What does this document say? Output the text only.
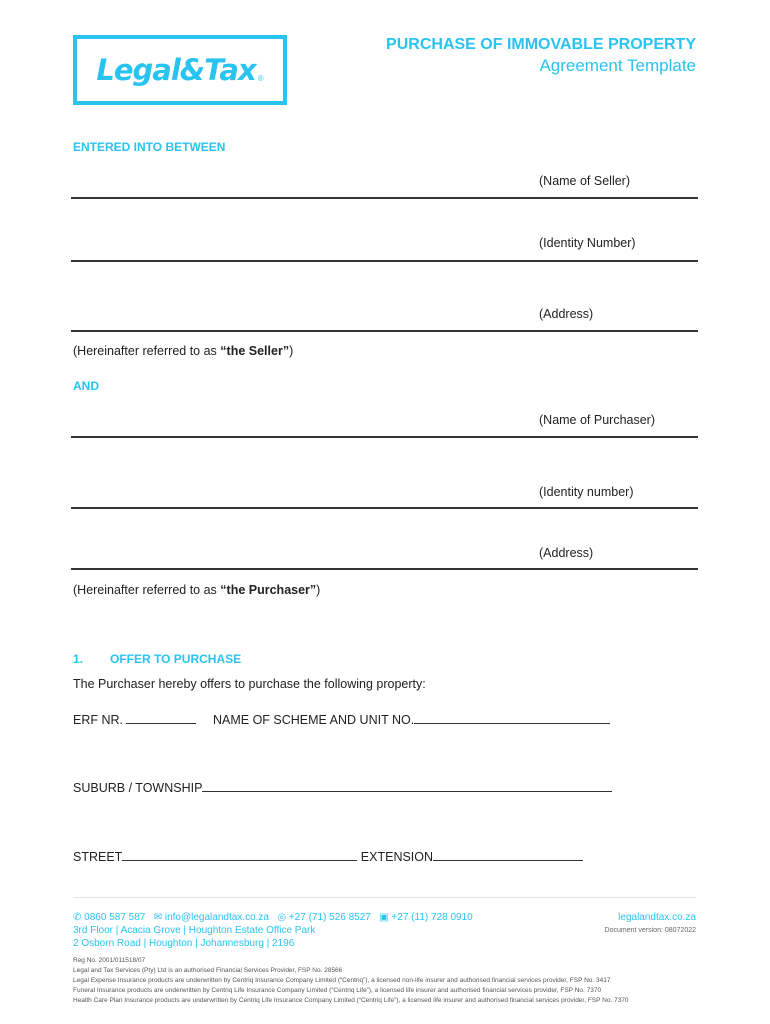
Legal&Tax ®
PURCHASE OF IMMOVABLE PROPERTY
Agreement Template
ENTERED INTO BETWEEN
(Name of Seller)
(Identity Number)
(Address)
(Hereinafter referred to as “the Seller”)
AND
(Name of Purchaser)
(Identity number)
(Address)
(Hereinafter referred to as “the Purchaser”)
1. OFFER TO PURCHASE
The Purchaser hereby offers to purchase the following property:
ERF NR.	NAME OF SCHEME AND UNIT NO.
SUBURB / TOWNSHIP
STREET	EXTENSION
✆ 0860 587 587 ✉ info@legalandtax.co.za ◎ +27 (71) 526 8527 ▣ +27 (11) 728 0910
3rd Floor | Acacia Grove | Houghton Estate Office Park
2 Osborn Road | Houghton | Johannesburg | 2196
legalandtax.co.za
Document version: 08072022
Reg No. 2001/011518/07
Legal and Tax Services (Pty) Ltd is an authorised Financial Services Provider, FSP No. 28566
Legal Expense Insurance products are underwritten by Centriq Insurance Company Limited (“Centriq”), a licensed non-life insurer and authorised financial services provider, FSP No. 3417
Funeral Insurance products are underwritten by Centriq Life Insurance Company Limited (“Centriq Life”), a licensed life insurer and authorised financial services provider, FSP No. 7370
Health Care Plan Insurance products are underwritten by Centriq Life Insurance Company Limited (“Centriq Life”), a licensed life insurer and authorised financial services provider, FSP No. 7370
